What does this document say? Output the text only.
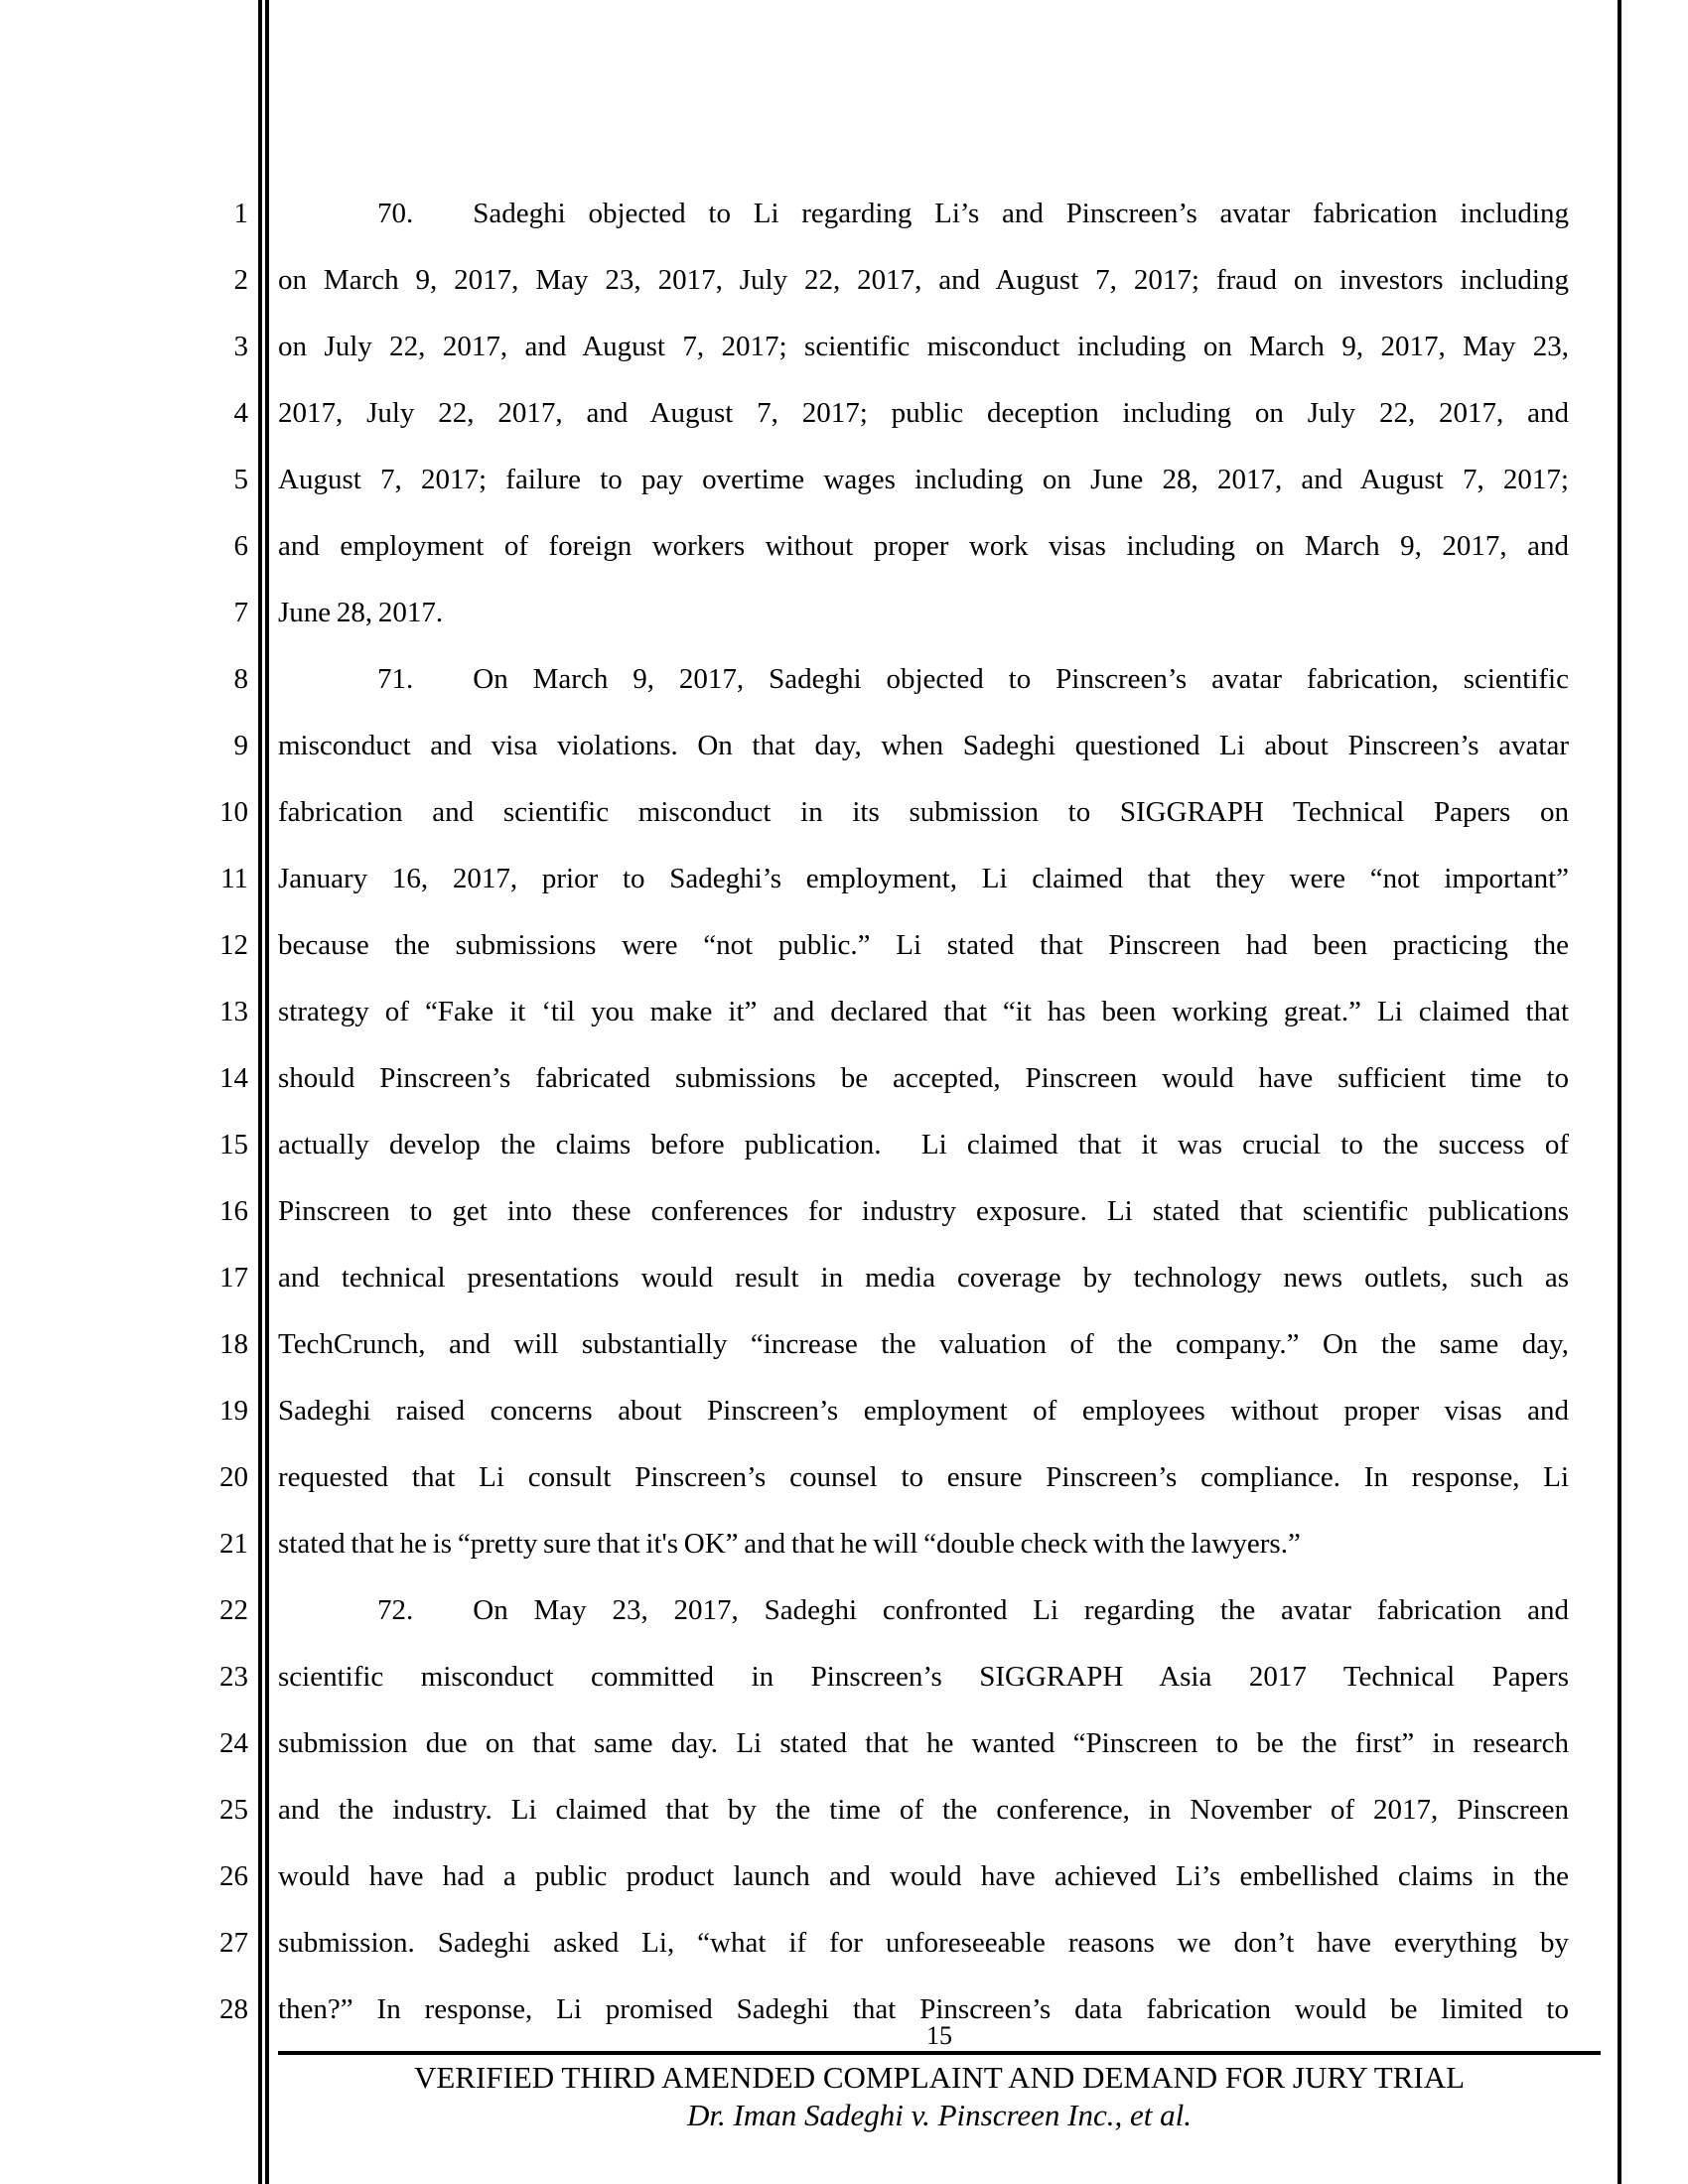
1	70. Sadeghi objected to Li regarding Li’s and Pinscreen’s avatar fabrication including
2 on March 9, 2017, May 23, 2017, July 22, 2017, and August 7, 2017; fraud on investors including
3 on July 22, 2017, and August 7, 2017; scientific misconduct including on March 9, 2017, May 23,
4 2017, July 22, 2017, and August 7, 2017; public deception including on July 22, 2017, and
5 August 7, 2017; failure to pay overtime wages including on June 28, 2017, and August 7, 2017;
6 and employment of foreign workers without proper work visas including on March 9, 2017, and
7 June 28, 2017.
8	71. On March 9, 2017, Sadeghi objected to Pinscreen’s avatar fabrication, scientific
9 misconduct and visa violations. On that day, when Sadeghi questioned Li about Pinscreen’s avatar
10 fabrication and scientific misconduct in its submission to SIGGRAPH Technical Papers on
11 January 16, 2017, prior to Sadeghi’s employment, Li claimed that they were “not important”
12 because the submissions were “not public.” Li stated that Pinscreen had been practicing the
13 strategy of “Fake it ‘til you make it” and declared that “it has been working great.” Li claimed that
14 should Pinscreen’s fabricated submissions be accepted, Pinscreen would have sufficient time to
15 actually develop the claims before publication.  Li claimed that it was crucial to the success of
16 Pinscreen to get into these conferences for industry exposure. Li stated that scientific publications
17 and technical presentations would result in media coverage by technology news outlets, such as
18 TechCrunch, and will substantially “increase the valuation of the company.” On the same day,
19 Sadeghi raised concerns about Pinscreen’s employment of employees without proper visas and
20 requested that Li consult Pinscreen’s counsel to ensure Pinscreen’s compliance. In response, Li
21 stated that he is “pretty sure that it's OK” and that he will “double check with the lawyers.”
22	72. On May 23, 2017, Sadeghi confronted Li regarding the avatar fabrication and
23 scientific misconduct committed in Pinscreen’s SIGGRAPH Asia 2017 Technical Papers
24 submission due on that same day. Li stated that he wanted “Pinscreen to be the first” in research
25 and the industry. Li claimed that by the time of the conference, in November of 2017, Pinscreen
26 would have had a public product launch and would have achieved Li’s embellished claims in the
27 submission. Sadeghi asked Li, “what if for unforeseeable reasons we don’t have everything by
28 then?” In response, Li promised Sadeghi that Pinscreen’s data fabrication would be limited to
15
VERIFIED THIRD AMENDED COMPLAINT AND DEMAND FOR JURY TRIAL
Dr. Iman Sadeghi v. Pinscreen Inc., et al.
